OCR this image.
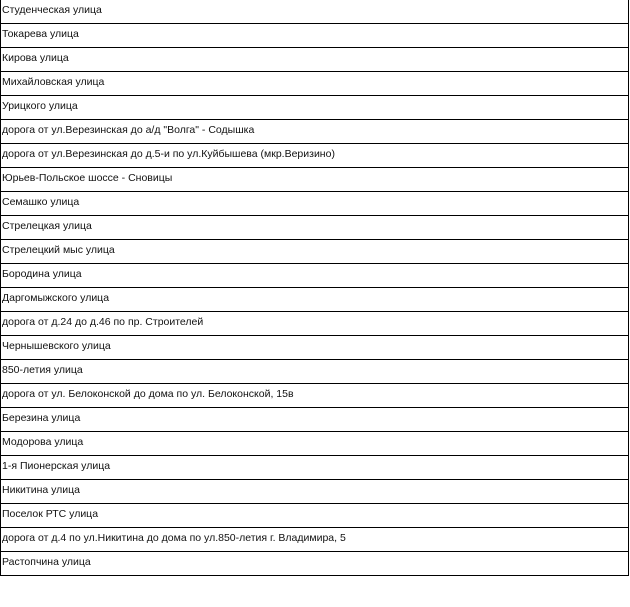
Студенческая улица
Токарева улица
Кирова улица
Михайловская улица
Урицкого улица
дорога от ул.Верезинская до а/д "Волга" - Содышка
дорога от ул.Верезинская до д.5-и по ул.Куйбышева (мкр.Веризино)
Юрьев-Польское шоссе - Сновицы
Семашко улица
Стрелецкая улица
Стрелецкий мыс улица
Бородина улица
Даргомыжского улица
дорога от д.24 до д.46 по пр. Строителей
Чернышевского улица
850-летия улица
дорога от ул. Белоконской до дома по ул. Белоконской, 15в
Березина улица
Модорова улица
1-я Пионерская улица
Никитина улица
Поселок РТС улица
дорога от д.4 по ул.Никитина до дома по ул.850-летия г. Владимира, 5
Растопчина улица
